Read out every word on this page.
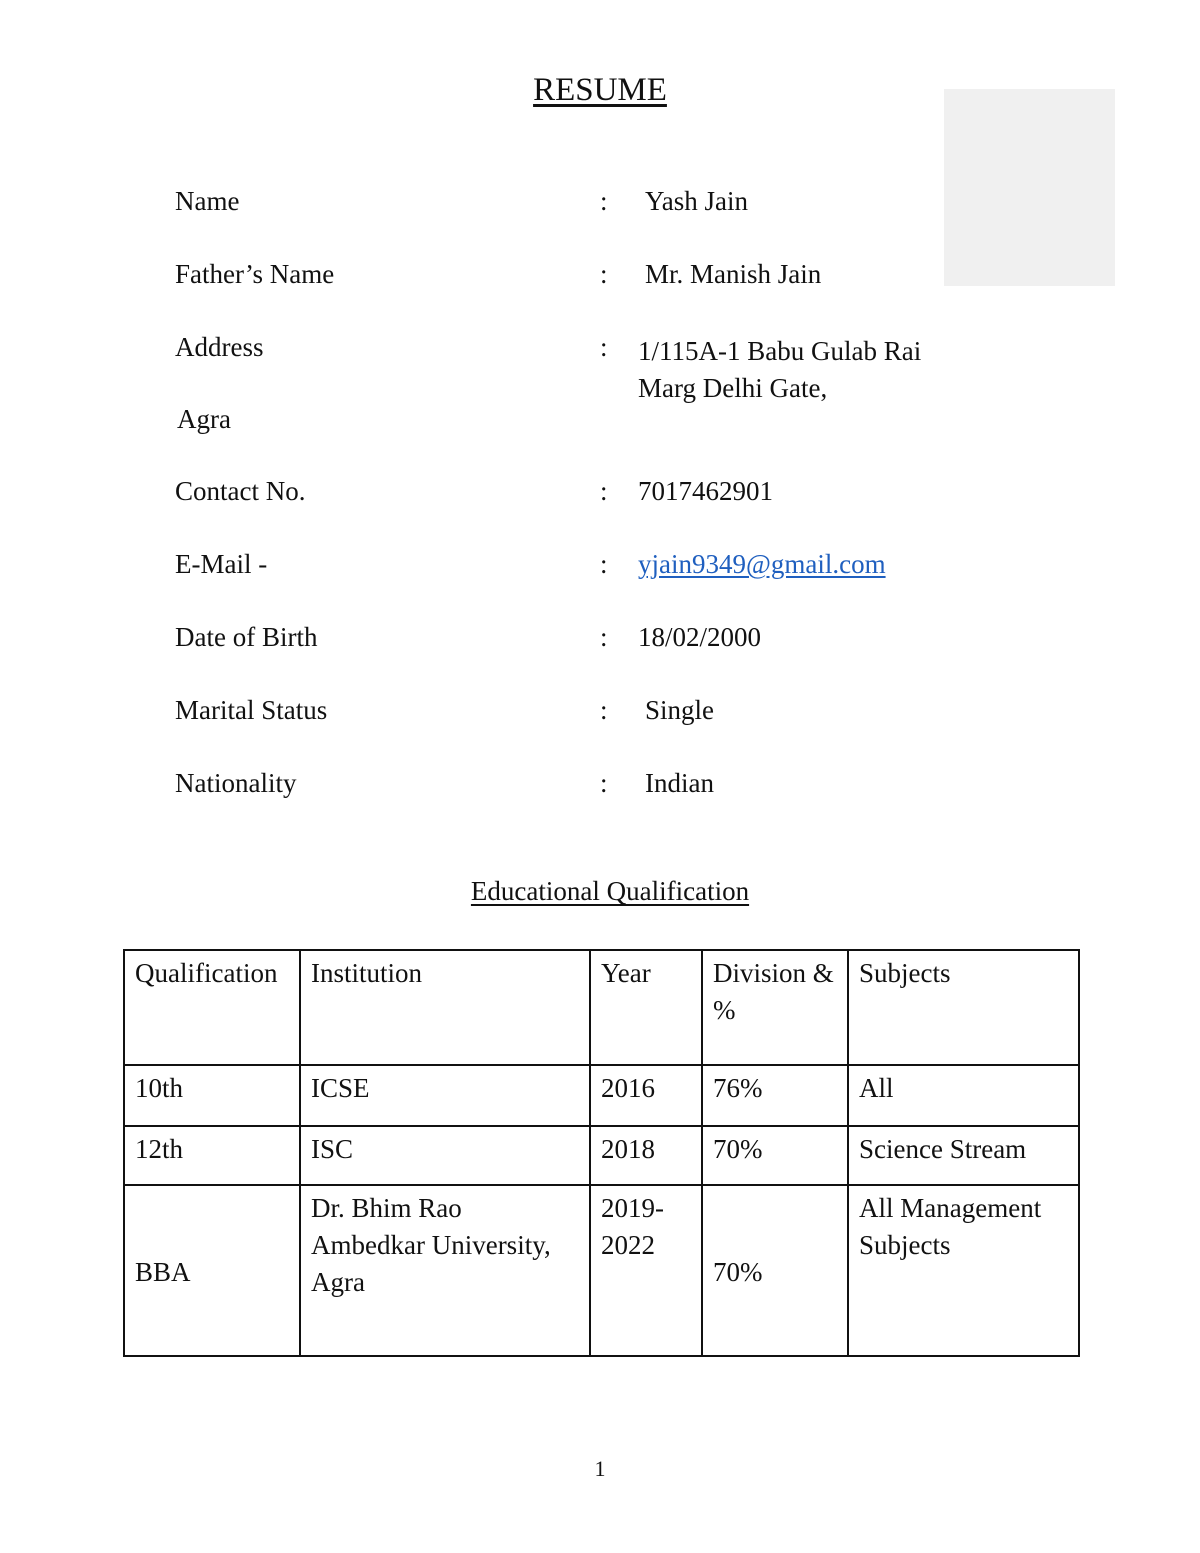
RESUME
Name	: Yash Jain
Father’s Name	: Mr. Manish Jain
Address	: 1/115A-1 Babu Gulab Rai Marg Delhi Gate,
Agra
Contact No.	: 7017462901
E-Mail -	: yjain9349@gmail.com
Date of Birth	: 18/02/2000
Marital Status	: Single
Nationality	: Indian
Educational Qualification
Qualification	Institution	Year	Division & %	Subjects
10th	ICSE	2016	76%	All
12th	ISC	2018	70%	Science Stream
BBA	Dr. Bhim Rao Ambedkar University, Agra	2019-2022	70%	All Management Subjects
1
